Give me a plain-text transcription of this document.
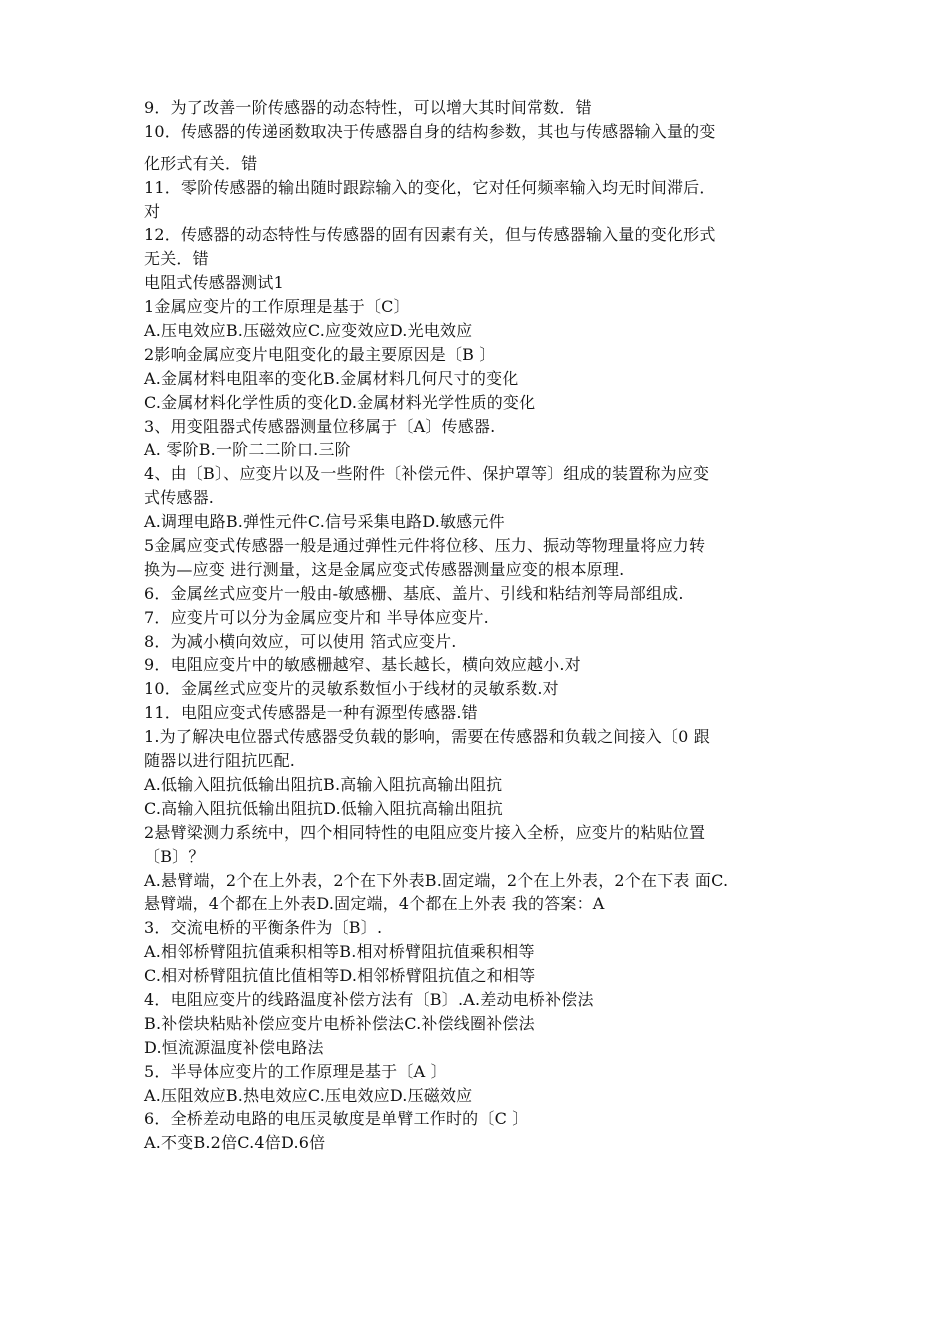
9．为了改善一阶传感器的动态特性，可以增大其时间常数．错
10．传感器的传递函数取决于传感器自身的结构参数，其也与传感器输入量的变
化形式有关．错
11．零阶传感器的输出随时跟踪输入的变化，它对任何频率输入均无时间滞后．
对
12．传感器的动态特性与传感器的固有因素有关，但与传感器输入量的变化形式
无关．错
电阻式传感器测试1
1金属应变片的工作原理是基于〔C〕
A.压电效应B.压磁效应C.应变效应D.光电效应
2影响金属应变片电阻变化的最主要原因是〔B 〕
A.金属材料电阻率的变化B.金属材料几何尺寸的变化
C.金属材料化学性质的变化D.金属材料光学性质的变化
3、用变阻器式传感器测量位移属于〔A〕传感器.
A. 零阶B.一阶二二阶口.三阶
4、由〔B〕、应变片以及一些附件〔补偿元件、保护罩等〕组成的装置称为应变
式传感器.
A.调理电路B.弹性元件C.信号采集电路D.敏感元件
5金属应变式传感器一般是通过弹性元件将位移、压力、振动等物理量将应力转
换为—应变 进行测量，这是金属应变式传感器测量应变的根本原理.
6．金属丝式应变片一般由-敏感栅、基底、盖片、引线和粘结剂等局部组成.
7．应变片可以分为金属应变片和 半导体应变片.
8．为减小横向效应，可以使用 箔式应变片.
9．电阻应变片中的敏感栅越窄、基长越长，横向效应越小.对
10．金属丝式应变片的灵敏系数恒小于线材的灵敏系数.对
11．电阻应变式传感器是一种有源型传感器.错
1.为了解决电位器式传感器受负载的影响，需要在传感器和负载之间接入〔0 跟
随器以进行阻抗匹配.
A.低输入阻抗低输出阻抗B.高输入阻抗高输出阻抗
C.高输入阻抗低输出阻抗D.低输入阻抗高输出阻抗
2悬臂梁测力系统中，四个相同特性的电阻应变片接入全桥，应变片的粘贴位置
〔B〕？
A.悬臂端，2个在上外表，2个在下外表B.固定端，2个在上外表，2个在下表 面C.
悬臂端，4个都在上外表D.固定端，4个都在上外表 我的答案：A
3．交流电桥的平衡条件为〔B〕.
A.相邻桥臂阻抗值乘积相等B.相对桥臂阻抗值乘积相等
C.相对桥臂阻抗值比值相等D.相邻桥臂阻抗值之和相等
4．电阻应变片的线路温度补偿方法有〔B〕.A.差动电桥补偿法
B.补偿块粘贴补偿应变片电桥补偿法C.补偿线圈补偿法
D.恒流源温度补偿电路法
5．半导体应变片的工作原理是基于〔A 〕
A.压阻效应B.热电效应C.压电效应D.压磁效应
6．全桥差动电路的电压灵敏度是单臂工作时的〔C 〕
A.不变B.2倍C.4倍D.6倍
